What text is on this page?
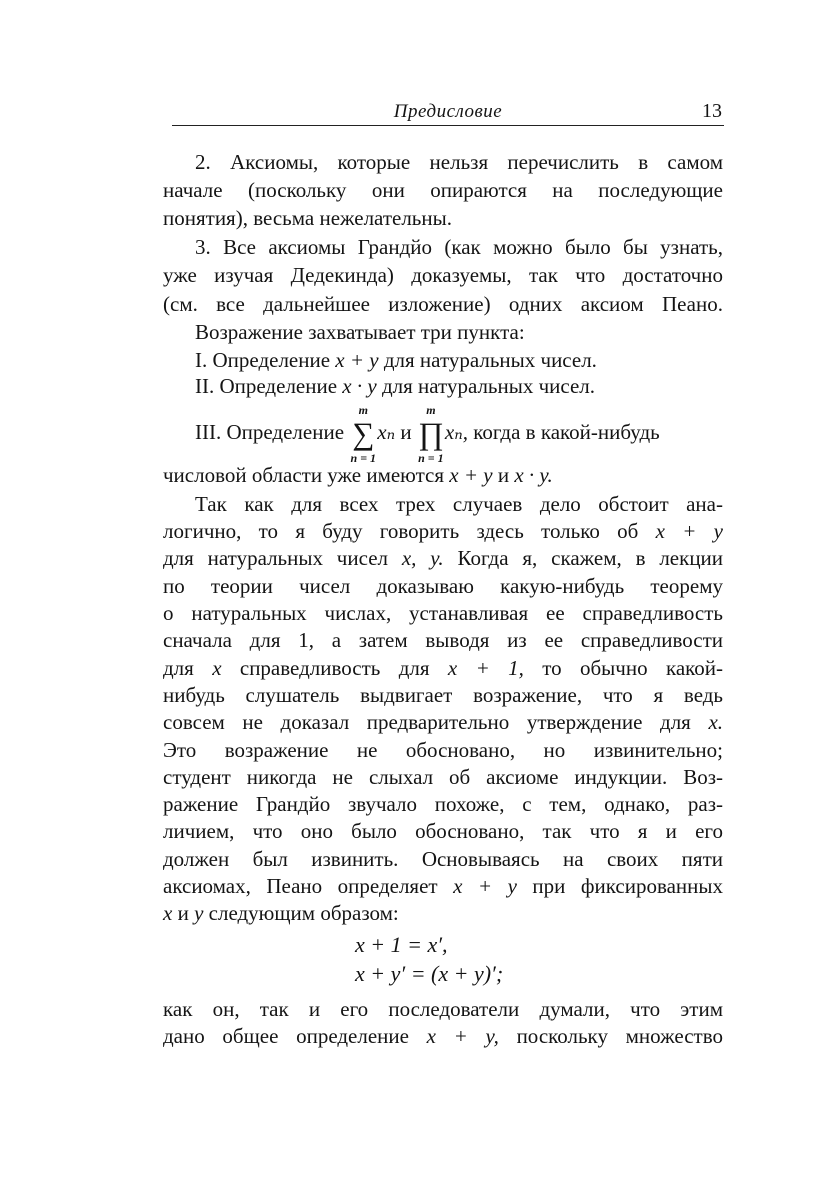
Предисловие	13
2. Аксиомы, которые нельзя перечислить в самом
начале (поскольку они опираются на последующие
понятия), весьма нежелательны.
3. Все аксиомы Грандйо (как можно было бы узнать,
уже изучая Дедекинда) доказуемы, так что достаточно
(см. все дальнейшее изложение) одних аксиом Пеано.
Возражение захватывает три пункта:
I. Определение x + y для натуральных чисел.
II. Определение x · y для натуральных чисел.
III. Определение
m
∑
n = 1
xₙ и
m
∏
n = 1
xₙ, когда в какой-нибудь
числовой области уже имеются x + y и x · y.
Так как для всех трех случаев дело обстоит ана-
логично, то я буду говорить здесь только об x + y
для натуральных чисел x, y. Когда я, скажем, в лекции
по теории чисел доказываю какую-нибудь теорему
о натуральных числах, устанавливая ее справедливость
сначала для 1, а затем выводя из ее справедливости
для x справедливость для x + 1, то обычно какой-
нибудь слушатель выдвигает возражение, что я ведь
совсем не доказал предварительно утверждение для x.
Это возражение не обосновано, но извинительно;
студент никогда не слыхал об аксиоме индукции. Воз-
ражение Грандйо звучало похоже, с тем, однако, раз-
личием, что оно было обосновано, так что я и его
должен был извинить. Основываясь на своих пяти
аксиомах, Пеано определяет x + y при фиксированных
x и y следующим образом:
x + 1 = x′,
x + y′ = (x + y)′;
как он, так и его последователи думали, что этим
дано общее определение x + y, поскольку множество
